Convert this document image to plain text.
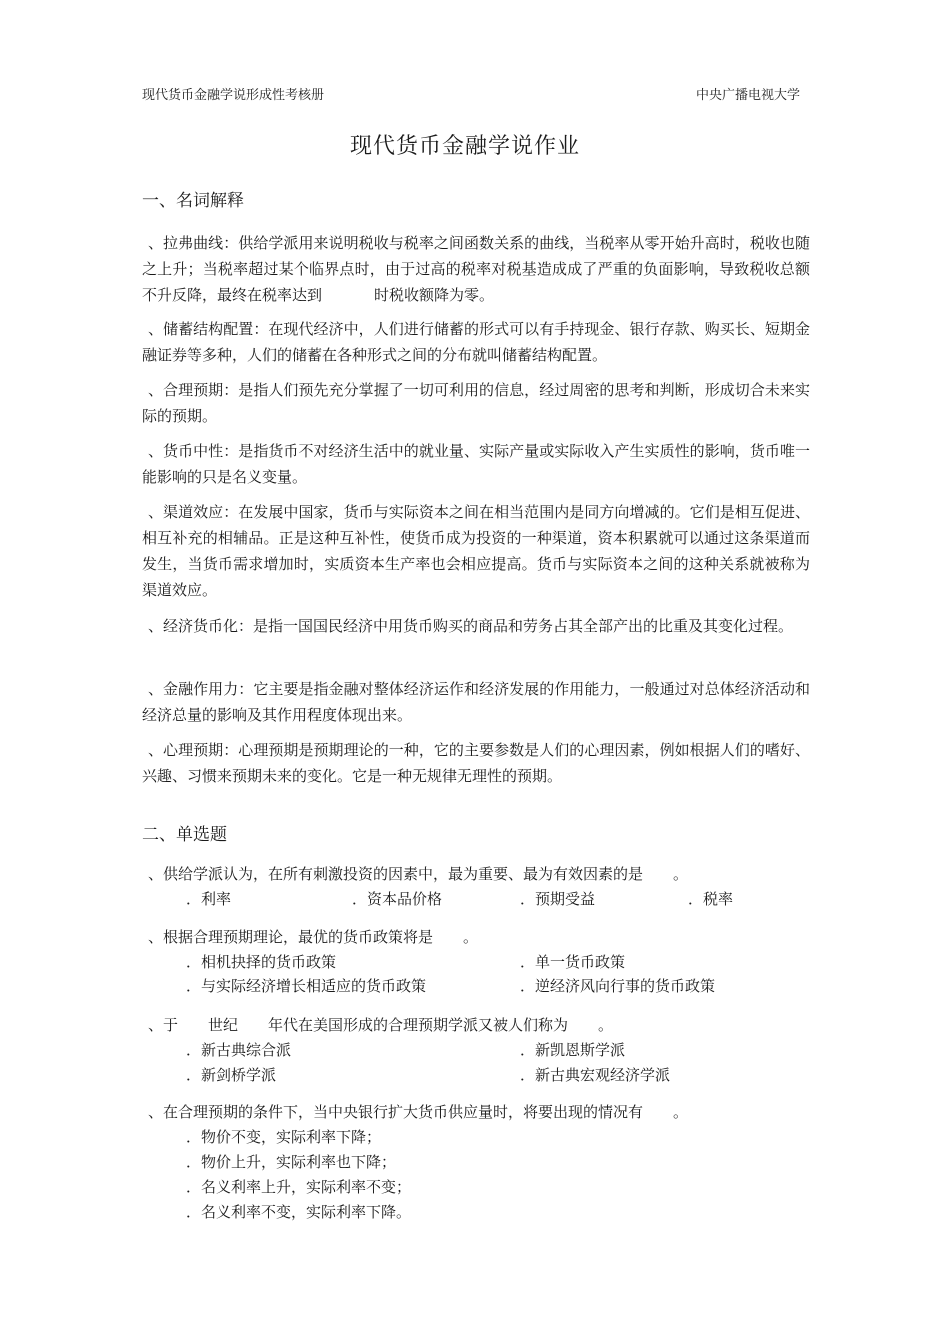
现代货币金融学说形成性考核册	中央广播电视大学
现代货币金融学说作业
一、名词解释

、拉弗曲线：供给学派用来说明税收与税率之间函数关系的曲线，当税率从零开始升高时，税收也随之上升；当税率超过某个临界点时，由于过高的税率对税基造成成了严重的负面影响，导致税收总额不升反降，最终在税率达到	时税收额降为零。

、储蓄结构配置：在现代经济中，人们进行储蓄的形式可以有手持现金、银行存款、购买长、短期金融证券等多种，人们的储蓄在各种形式之间的分布就叫储蓄结构配置。

、合理预期：是指人们预先充分掌握了一切可利用的信息，经过周密的思考和判断，形成切合未来实际的预期。

、货币中性：是指货币不对经济生活中的就业量、实际产量或实际收入产生实质性的影响，货币唯一能影响的只是名义变量。

、渠道效应：在发展中国家，货币与实际资本之间在相当范围内是同方向增减的。它们是相互促进、相互补充的相辅品。正是这种互补性，使货币成为投资的一种渠道，资本积累就可以通过这条渠道而发生，当货币需求增加时，实质资本生产率也会相应提高。货币与实际资本之间的这种关系就被称为渠道效应。

、经济货币化：是指一国国民经济中用货币购买的商品和劳务占其全部产出的比重及其变化过程。

、金融作用力：它主要是指金融对整体经济运作和经济发展的作用能力，一般通过对总体经济活动和经济总量的影响及其作用程度体现出来。

、心理预期：心理预期是预期理论的一种，它的主要参数是人们的心理因素，例如根据人们的嗜好、兴趣、习惯来预期未来的变化。它是一种无规律无理性的预期。

二、单选题
、供给学派认为，在所有刺激投资的因素中，最为重要、最为有效因素的是 。
．利率	．资本品价格	．预期受益	．税率
、根据合理预期理论，最优的货币政策将是 。
．相机抉择的货币政策	．单一货币政策
．与实际经济增长相适应的货币政策	．逆经济风向行事的货币政策
、于 世纪 年代在美国形成的合理预期学派又被人们称为 。
．新古典综合派	．新凯恩斯学派
．新剑桥学派	．新古典宏观经济学派
、在合理预期的条件下，当中央银行扩大货币供应量时，将要出现的情况有 。
．物价不变，实际利率下降；
．物价上升，实际利率也下降；
．名义利率上升，实际利率不变；
．名义利率不变，实际利率下降。
